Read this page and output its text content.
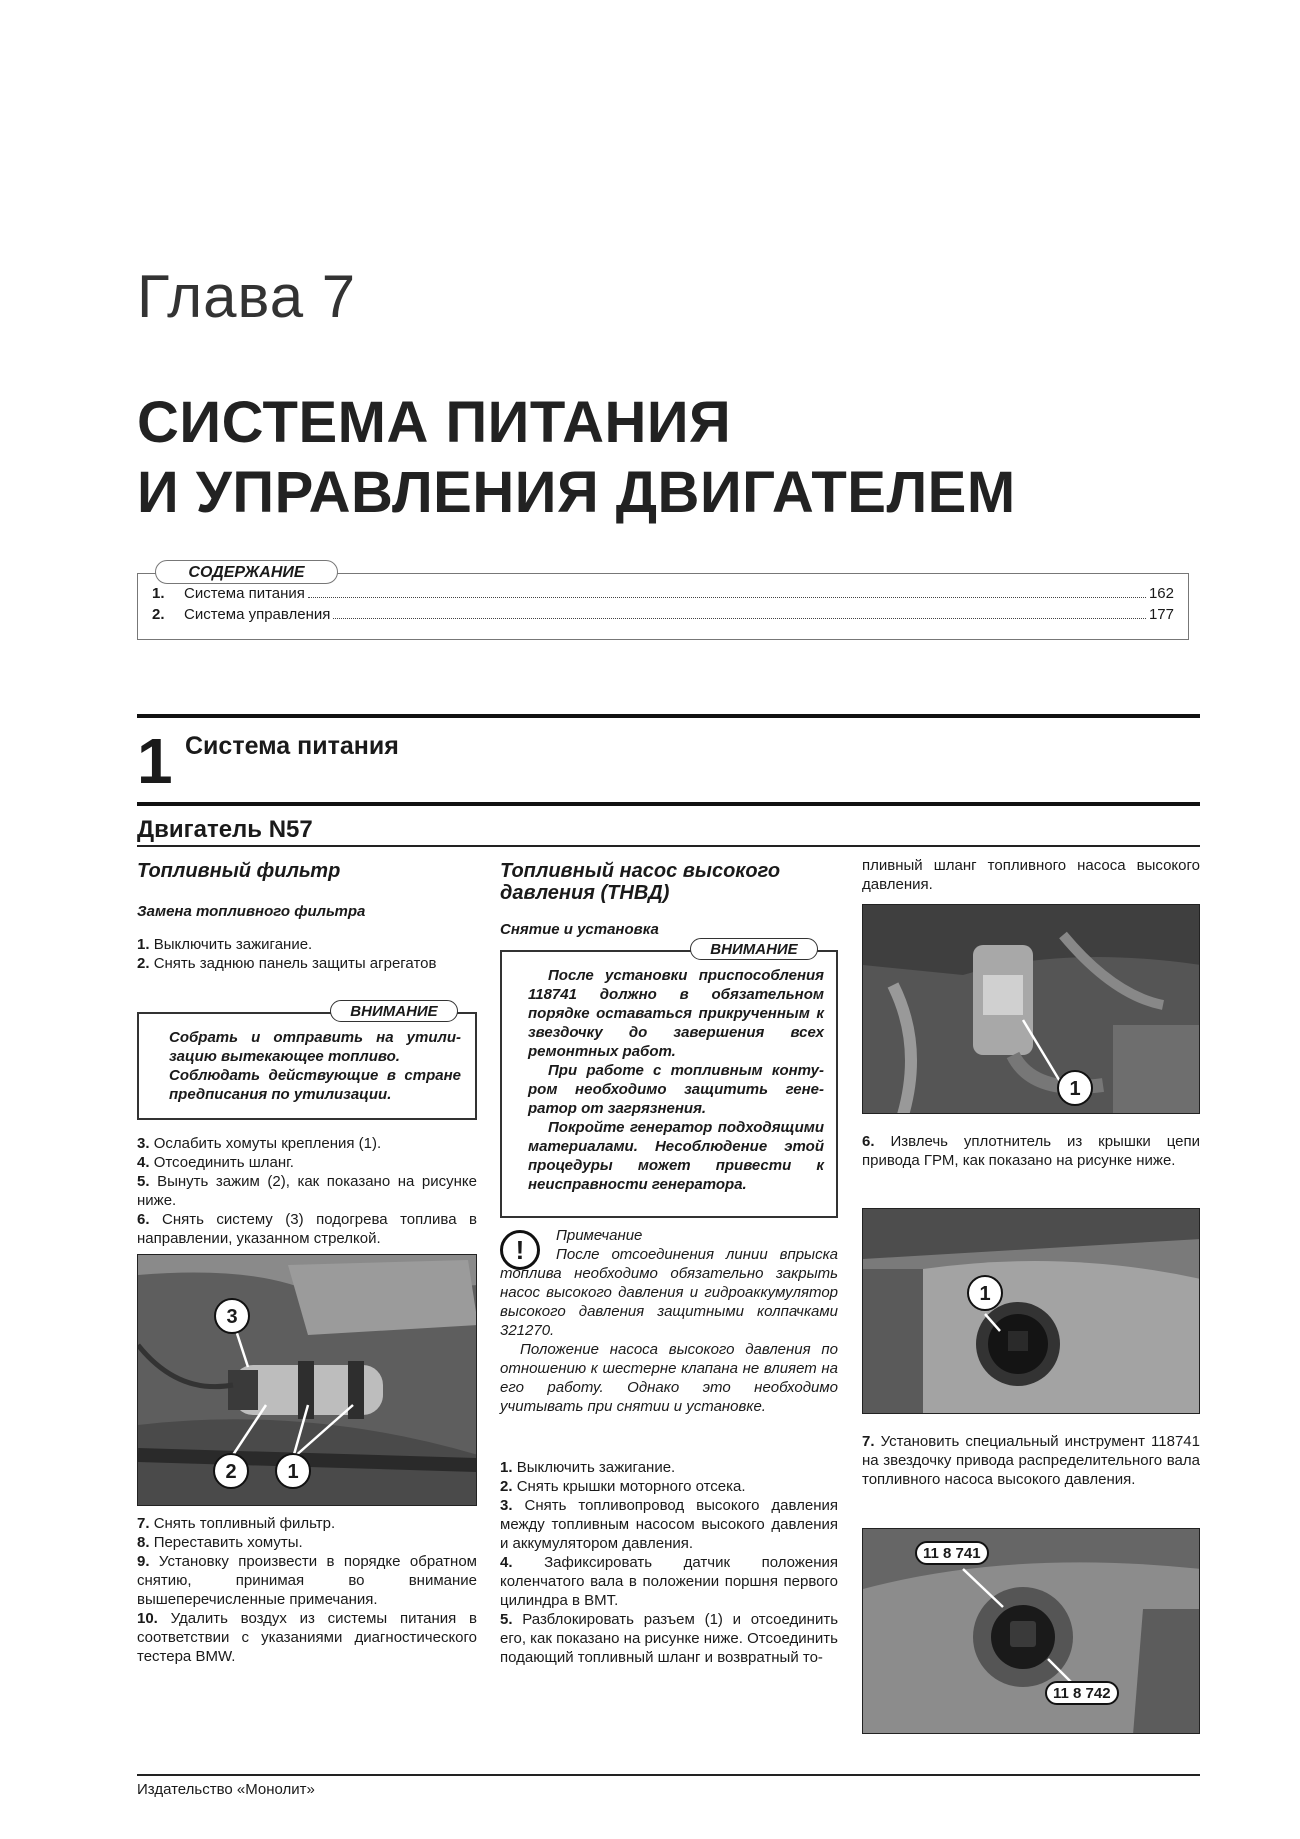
Глава 7
СИСТЕМА ПИТАНИЯ
И УПРАВЛЕНИЯ ДВИГАТЕЛЕМ
1.	Система питания	162
2.	Система управления	177
СОДЕРЖАНИЕ
1 Система питания
Двигатель N57
Топливный фильтр
Замена топливного фильтра

1. Выключить зажигание.

2. Снять заднюю панель защиты агрегатов

Собрать и отправить на утилизацию вытекающее топливо.

Соблюдать действующие в стране предписания по утилизации.

ВНИМАНИЕ

3. Ослабить хомуты крепления (1).

4. Отсоединить шланг.

5. Вынуть зажим (2), как показано на рисунке ниже.

6. Снять систему (3) подогрева топлива в направлении, указанном стрелкой.

3
2	1

7. Снять топливный фильтр.

8. Переставить хомуты.

9. Установку произвести в порядке обратном снятию, принимая во внимание вышеперечисленные примечания.

10. Удалить воздух из системы питания в соответствии с указаниями диагностического тестера BMW.

Топливный насос высокого давления (ТНВД)
Снятие и установка

После установки приспособления 118741 должно в обязательном порядке оставаться прикрученным к звездочку до завершения всех ремонтных работ.

При работе с топливным контуром необходимо защитить генератор от загрязнения.

Покройте генератор подходящими материалами. Несоблюдение этой процедуры может привести к неисправности генератора.

ВНИМАНИЕ
!	Примечание

После отсоединения линии впрыска топлива необходимо обязательно закрыть насос высокого давления и гидроаккумулятор высокого давления защитными колпачками 321270.

Положение насоса высокого давления по отношению к шестерне клапана не влияет на его работу. Однако это необходимо учитывать при снятии и установке.

1. Выключить зажигание.

2. Снять крышки моторного отсека.

3. Снять топливопровод высокого давления между топливным насосом высокого давления и аккумулятором давления.

4. Зафиксировать датчик положения коленчатого вала в положении поршня первого цилиндра в ВМТ.

5. Разблокировать разъем (1) и отсоединить его, как показано на рисунке ниже. Отсоединить подающий топливный шланг и возвратный то-

пливный шланг топливного насоса высокого давления.

1

6. Извлечь уплотнитель из крышки цепи привода ГРМ, как показано на рисунке ниже.

1

7. Установить специальный инструмент 118741 на звездочку привода распределительного вала топливного насоса высокого давления.

11 8 741
11 8 742
Издательство «Монолит»
